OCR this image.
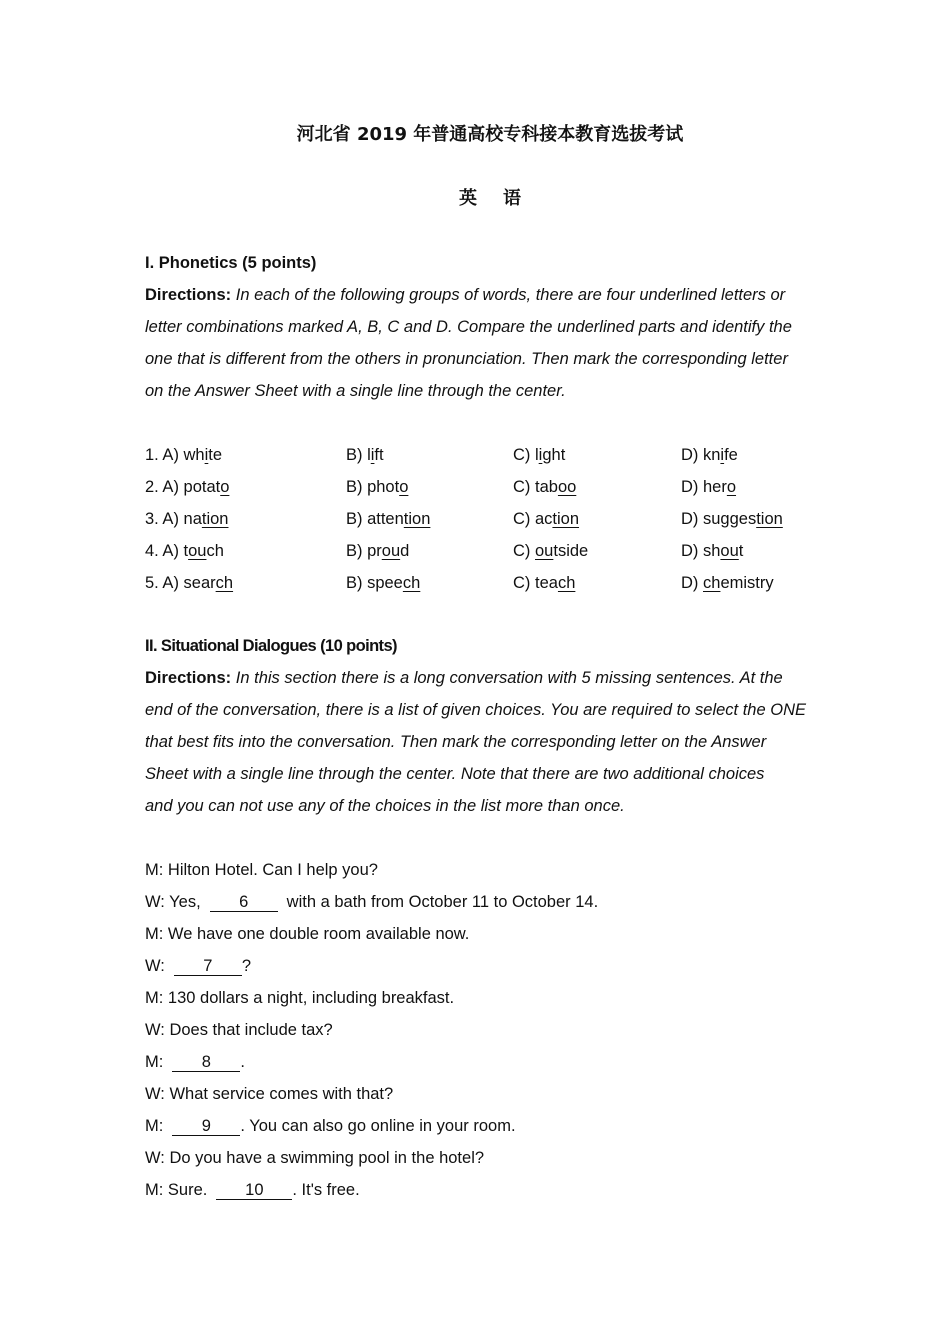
河北省 2019 年普通高校专科接本教育选拔考试
英语
I. Phonetics (5 points)
Directions: In each of the following groups of words, there are four underlined letters or
letter combinations marked A, B, C and D. Compare the underlined parts and identify the
one that is different from the others in pronunciation. Then mark the corresponding letter
on the Answer Sheet with a single line through the center.
1. A) white	B) lift	C) light	D) knife
2. A) potato	B) photo	C) taboo	D) hero
3. A) nation	B) attention	C) action	D) suggestion
4. A) touch	B) proud	C) outside	D) shout
5. A) search	B) speech	C) teach	D) chemistry
II. Situational Dialogues (10 points)
Directions: In this section there is a long conversation with 5 missing sentences. At the
end of the conversation, there is a list of given choices. You are required to select the ONE
that best fits into the conversation. Then mark the corresponding letter on the Answer
Sheet with a single line through the center. Note that there are two additional choices
and you can not use any of the choices in the list more than once.
M: Hilton Hotel. Can I help you?
W: Yes, 6 with a bath from October 11 to October 14.
M: We have one double room available now.
W: 7 ?
M: 130 dollars a night, including breakfast.
W: Does that include tax?
M: 8 .
W: What service comes with that?
M: 9 . You can also go online in your room.
W: Do you have a swimming pool in the hotel?
M: Sure. 10 . It's free.
